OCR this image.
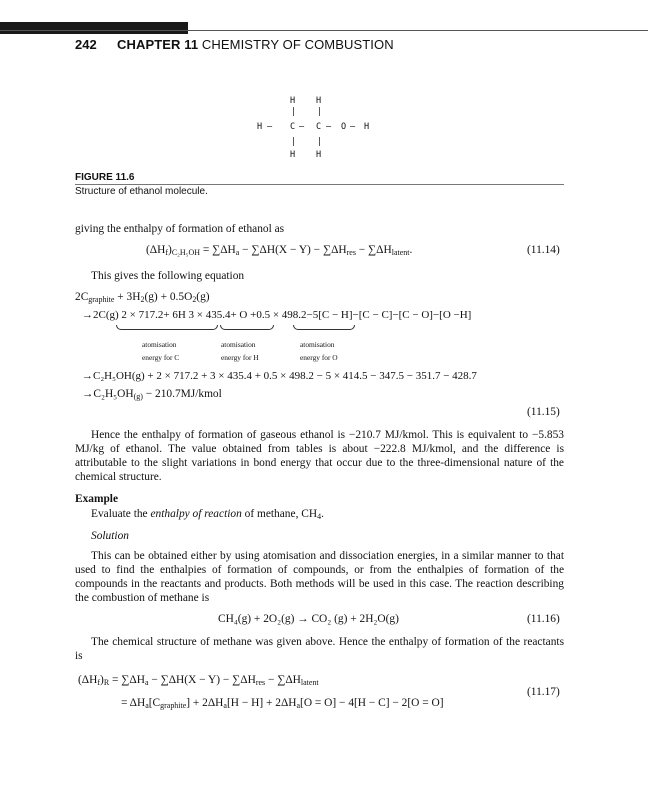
242 CHAPTER 11 CHEMISTRY OF COMBUSTION
H H
| |
H — C — C — O — H
| |
H H
FIGURE 11.6
Structure of ethanol molecule.
giving the enthalpy of formation of ethanol as
$(\Delta H_f)_{C_2H_5OH} = \sum\Delta H_a - \sum\Delta H(X - Y) - \sum\Delta H_{res} - \sum\Delta H_{latent}$.	(11.14)
This gives the following equation
$2C_{graphite} + 3H_2(g) + 0.5O_2(g)$
→2C(g) 2 × 717.2+ 6H 3 × 435.4+ O +0.5 × 498.2−5[C − H]−[C − C]−[C − O]−[O −H]
atomisation
energy for C
atomisation
energy for H
atomisation
energy for O
→C₂H₅OH(g) + 2 × 717.2 + 3 × 435.4 + 0.5 × 498.2 − 5 × 414.5 − 347.5 − 351.7 − 428.7
$\to C_2H_5OH_{(g)}$ − 210.7MJ/kmol
(11.15)
Hence the enthalpy of formation of gaseous ethanol is −210.7 MJ/kmol. This is equivalent to −5.853 MJ/kg of ethanol. The value obtained from tables is about −222.8 MJ/kmol, and the difference is attributable to the slight variations in bond energy that occur due to the three-dimensional nature of the chemical structure.
Example
Evaluate the enthalpy of reaction of methane, $CH_4$.
Solution
This can be obtained either by using atomisation and dissociation energies, in a similar manner to that used to find the enthalpies of formation of compounds, or from the enthalpies of formation of the compounds in the reactants and products. Both methods will be used in this case. The reaction describing the combustion of methane is
CH₄(g) + 2O₂(g) → CO₂ (g) + 2H₂O(g)	(11.16)
The chemical structure of methane was given above. Hence the enthalpy of formation of the reactants is
$(\Delta H_f)_R = \sum\Delta H_a - \sum\Delta H(X - Y) - \sum\Delta H_{res} - \sum\Delta H_{latent}$
= $\Delta H_a[C_{graphite}] + 2\Delta H_a[H - H] + 2\Delta H_a[O = O] - 4[H - C] - 2[O = O]$
(11.17)
